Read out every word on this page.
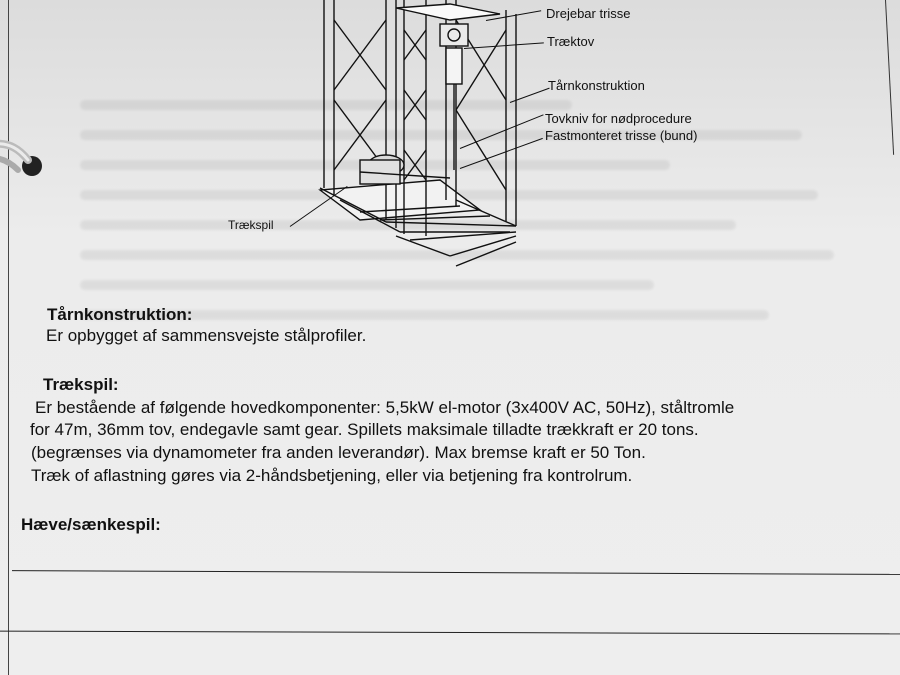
Drejebar trisse
Træktov
Tårnkonstruktion
Tovkniv for nødprocedure
Fastmonteret trisse (bund)
Trækspil
Tårnkonstruktion:
Er opbygget af sammensvejste stålprofiler.
Trækspil:
Er bestående af følgende hovedkomponenter: 5,5kW el-motor (3x400V AC, 50Hz), ståltromle
for 47m, 36mm tov, endegavle samt gear. Spillets maksimale tilladte trækkraft er 20 tons.
(begrænses via dynamometer fra anden leverandør). Max bremse kraft er 50 Ton.
Træk of aflastning gøres via 2-håndsbetjening, eller via betjening fra kontrolrum.
Hæve/sænkespil:
